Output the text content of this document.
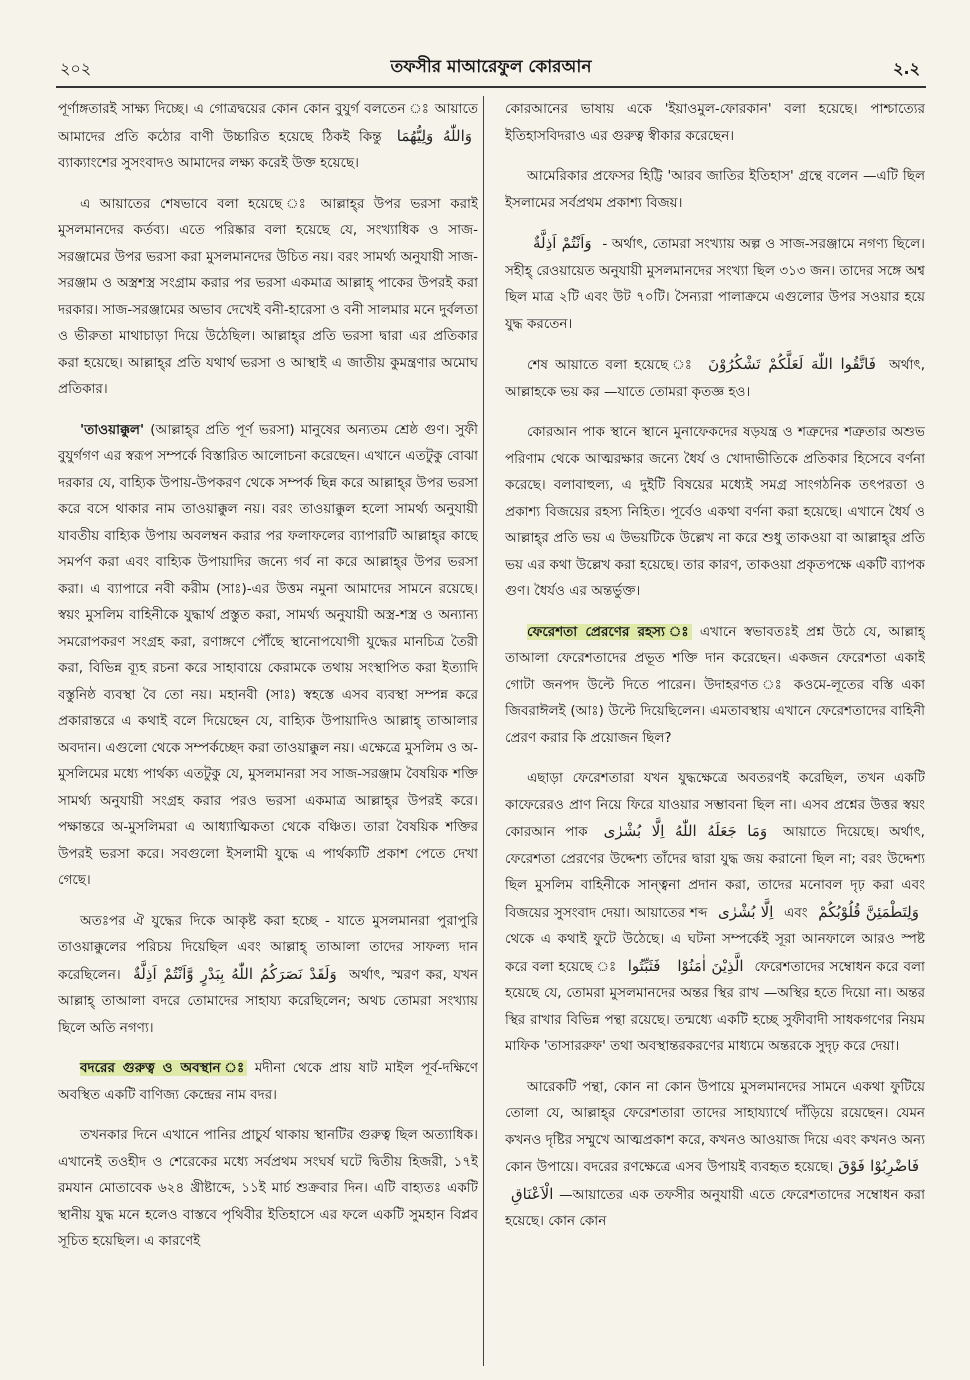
২০২	তফসীর মাআরেফুল কোরআন	২.২

পূর্ণাঙ্গতারই সাক্ষ্য দিচ্ছে। এ গোত্রদ্বয়ের কোন কোন বুযুর্গ বলতেন ঃ আয়াতে আমাদের প্রতি কঠোর বাণী উচ্চারিত হয়েছে ঠিকই কিন্তু وَاللّٰهُ وَلِيُّهُمَا ব্যাক্যাংশের সুসংবাদও আমাদের লক্ষ্য করেই উক্ত হয়েছে।

এ আয়াতের শেষভাবে বলা হয়েছে ঃ আল্লাহ্‌র উপর ভরসা করাই মুসলমানদের কর্তব্য। এতে পরিষ্কার বলা হয়েছে যে, সংখ্যাধিক ও সাজ-সরঞ্জামের উপর ভরসা করা মুসলমানদের উচিত নয়। বরং সামর্থ্য অনুযায়ী সাজ-সরঞ্জাম ও অস্ত্রশস্ত্র সংগ্রাম করার পর ভরসা একমাত্র আল্লাহ্‌ পাকের উপরই করা দরকার। সাজ-সরঞ্জামের অভাব দেখেই বনী-হারেসা ও বনী সালমার মনে দুর্বলতা ও ভীরুতা মাথাচাড়া দিয়ে উঠেছিল। আল্লাহ্‌র প্রতি ভরসা দ্বারা এর প্রতিকার করা হয়েছে। আল্লাহ্‌র প্রতি যথার্থ ভরসা ও আস্থাই এ জাতীয় কুমন্ত্রণার অমোঘ প্রতিকার।

'তাওয়াক্কুল' (আল্লাহ্‌র প্রতি পূর্ণ ভরসা) মানুষের অন্যতম শ্রেষ্ঠ গুণ। সুফী বুযুর্গগণ এর স্বরূপ সম্পর্কে বিস্তারিত আলোচনা করেছেন। এখানে এতটুকু বোঝা দরকার যে, বাহ্যিক উপায়-উপকরণ থেকে সম্পর্ক ছিন্ন করে আল্লাহ্‌র উপর ভরসা করে বসে থাকার নাম তাওয়াক্কুল নয়। বরং তাওয়াক্কুল হলো সামর্থ্য অনুযায়ী যাবতীয় বাহ্যিক উপায় অবলম্বন করার পর ফলাফলের ব্যাপারটি আল্লাহ্‌র কাছে সমর্পণ করা এবং বাহ্যিক উপায়াদির জন্যে গর্ব না করে আল্লাহ্‌র উপর ভরসা করা। এ ব্যাপারে নবী করীম (সাঃ)-এর উত্তম নমুনা আমাদের সামনে রয়েছে। স্বয়ং মুসলিম বাহিনীকে যুদ্ধার্থ প্রস্তুত করা, সামর্থ্য অনুযায়ী অস্ত্র-শস্ত্র ও অন্যান্য সমরোপকরণ সংগ্রহ করা, রণাঙ্গণে পৌঁছে স্থানোপযোগী যুদ্ধের মানচিত্র তৈরী করা, বিভিন্ন ব্যূহ রচনা করে সাহাবায়ে কেরামকে তথায় সংস্থাপিত করা ইত্যাদি বস্তুনিষ্ঠ ব্যবস্থা বৈ তো নয়। মহানবী (সাঃ) স্বহস্তে এসব ব্যবস্থা সম্পন্ন করে প্রকারান্তরে এ কথাই বলে দিয়েছেন যে, বাহ্যিক উপায়াদিও আল্লাহ্‌ তাআলার অবদান। এগুলো থেকে সম্পর্কচ্ছেদ করা তাওয়াক্কুল নয়। এক্ষেত্রে মুসলিম ও অ-মুসলিমের মধ্যে পার্থক্য এতটুকু যে, মুসলমানরা সব সাজ-সরঞ্জাম বৈষয়িক শক্তি সামর্থ্য অনুযায়ী সংগ্রহ করার পরও ভরসা একমাত্র আল্লাহ্‌র উপরই করে। পক্ষান্তরে অ-মুসলিমরা এ আধ্যাত্মিকতা থেকে বঞ্চিত। তারা বৈষয়িক শক্তির উপরই ভরসা করে। সবগুলো ইসলামী যুদ্ধে এ পার্থক্যটি প্রকাশ পেতে দেখা গেছে।

অতঃপর ঐ যুদ্ধের দিকে আকৃষ্ট করা হচ্ছে - যাতে মুসলমানরা পুরাপুরি তাওয়াক্কুলের পরিচয় দিয়েছিল এবং আল্লাহ্‌ তাআলা তাদের সাফল্য দান করেছিলেন। وَلَقَدْ نَصَرَكُمُ اللّٰهُ بِبَدْرٍ وَّاَنْتُمْ اَذِلَّةٌ অর্থাৎ, স্মরণ কর, যখন আল্লাহ্‌ তাআলা বদরে তোমাদের সাহায্য করেছিলেন; অথচ তোমরা সংখ্যায় ছিলে অতি নগণ্য।

বদরের গুরুত্ব ও অবস্থান ঃ মদীনা থেকে প্রায় ষাট মাইল পূর্ব-দক্ষিণে অবস্থিত একটি বাণিজ্য কেন্দ্রের নাম বদর।

তখনকার দিনে এখানে পানির প্রাচুর্য থাকায় স্থানটির গুরুত্ব ছিল অত্যাধিক। এখানেই তওহীদ ও শেরেকের মধ্যে সর্বপ্রথম সংঘর্ষ ঘটে দ্বিতীয় হিজরী, ১৭ই রমযান মোতাবেক ৬২৪ খ্রীষ্টাব্দে, ১১ই মার্চ শুক্রবার দিন। এটি বাহ্যতঃ একটি স্থানীয় যুদ্ধ মনে হলেও বাস্তবে পৃথিবীর ইতিহাসে এর ফলে একটি সুমহান বিপ্লব সূচিত হয়েছিল। এ কারণেই

কোরআনের ভাষায় একে 'ইয়াওমুল-ফোরকান' বলা হয়েছে। পাশ্চাত্যের ইতিহাসবিদরাও এর গুরুত্ব স্বীকার করেছেন।

আমেরিকার প্রফেসর হিট্টি 'আরব জাতির ইতিহাস' গ্রন্থে বলেন —এটি ছিল ইসলামের সর্বপ্রথম প্রকাশ্য বিজয়।

وَاَنْتُمْ اَذِلَّةٌ - অর্থাৎ, তোমরা সংখ্যায় অল্প ও সাজ-সরঞ্জামে নগণ্য ছিলে। সহীহ্‌ রেওয়ায়েত অনুযায়ী মুসলমানদের সংখ্যা ছিল ৩১৩ জন। তাদের সঙ্গে অশ্ব ছিল মাত্র ২টি এবং উট ৭০টি। সৈন্যরা পালাক্রমে এগুলোর উপর সওয়ার হয়ে যুদ্ধ করতেন।

শেষ আয়াতে বলা হয়েছে ঃ فَاتَّقُوا اللّٰهَ لَعَلَّكُمْ تَشْكُرُوْنَ অর্থাৎ, আল্লাহকে ভয় কর —যাতে তোমরা কৃতজ্ঞ হও।

কোরআন পাক স্থানে স্থানে মুনাফেকদের ষড়যন্ত্র ও শত্রুদের শত্রুতার অশুভ পরিণাম থেকে আত্মরক্ষার জন্যে ধৈর্য ও খোদাভীতিকে প্রতিকার হিসেবে বর্ণনা করেছে। বলাবাহুল্য, এ দুইটি বিষয়ের মধ্যেই সমগ্র সাংগঠনিক তৎপরতা ও প্রকাশ্য বিজয়ের রহস্য নিহিত। পূর্বেও একথা বর্ণনা করা হয়েছে। এখানে ধৈর্য ও আল্লাহ্‌র প্রতি ভয় এ উভয়টিকে উল্লেখ না করে শুধু তাকওয়া বা আল্লাহ্‌র প্রতি ভয় এর কথা উল্লেখ করা হয়েছে। তার কারণ, তাকওয়া প্রকৃতপক্ষে একটি ব্যাপক গুণ। ধৈর্যও এর অন্তর্ভুক্ত।

ফেরেশতা প্রেরণের রহস্য ঃ এখানে স্বভাবতঃই প্রশ্ন উঠে যে, আল্লাহ্‌ তাআলা ফেরেশতাদের প্রভূত শক্তি দান করেছেন। একজন ফেরেশতা একাই গোটা জনপদ উল্টে দিতে পারেন। উদাহরণত ঃ কওমে-লূতের বস্তি একা জিবরাঈলই (আঃ) উল্টে দিয়েছিলেন। এমতাবস্থায় এখানে ফেরেশতাদের বাহিনী প্রেরণ করার কি প্রয়োজন ছিল?

এছাড়া ফেরেশতারা যখন যুদ্ধক্ষেত্রে অবতরণই করেছিল, তখন একটি কাফেরেরও প্রাণ নিয়ে ফিরে যাওয়ার সম্ভাবনা ছিল না। এসব প্রশ্নের উত্তর স্বয়ং কোরআন পাক وَمَا جَعَلَهُ اللّٰهُ اِلَّا بُشْرٰى আয়াতে দিয়েছে। অর্থাৎ, ফেরেশতা প্রেরণের উদ্দেশ্য তাঁদের দ্বারা যুদ্ধ জয় করানো ছিল না; বরং উদ্দেশ্য ছিল মুসলিম বাহিনীকে সান্ত্বনা প্রদান করা, তাদের মনোবল দৃঢ় করা এবং বিজয়ের সুসংবাদ দেয়া। আয়াতের শব্দ اِلَّا بُشْرٰى এবং وَلِتَطْمَئِنَّ قُلُوْبُكُمْ থেকে এ কথাই ফুটে উঠেছে। এ ঘটনা সম্পর্কেই সূরা আনফালে আরও স্পষ্ট করে বলা হয়েছে ঃ فَثَبِّتُوا الَّذِيْنَ اٰمَنُوْا ফেরেশতাদের সম্বোধন করে বলা হয়েছে যে, তোমরা মুসলমানদের অন্তর স্থির রাখ —অস্থির হতে দিয়ো না। অন্তর স্থির রাখার বিভিন্ন পন্থা রয়েছে। তন্মধ্যে একটি হচ্ছে সুফীবাদী সাধকগণের নিয়ম মাফিক 'তাসাররুফ' তথা অবস্থান্তরকরণের মাধ্যমে অন্তরকে সুদৃঢ় করে দেয়া।

আরেকটি পন্থা, কোন না কোন উপায়ে মুসলমানদের সামনে একথা ফুটিয়ে তোলা যে, আল্লাহ্‌র ফেরেশতারা তাদের সাহায্যার্থে দাঁড়িয়ে রয়েছেন। যেমন কখনও দৃষ্টির সম্মুখে আত্মপ্রকাশ করে, কখনও আওয়াজ দিয়ে এবং কখনও অন্য কোন উপায়ে। বদরের রণক্ষেত্রে এসব উপায়ই ব্যবহৃত হয়েছে। فَاضْرِبُوْا فَوْقَ الْاَعْنَاقِ —আয়াতের এক তফসীর অনুযায়ী এতে ফেরেশতাদের সম্বোধন করা হয়েছে। কোন কোন
